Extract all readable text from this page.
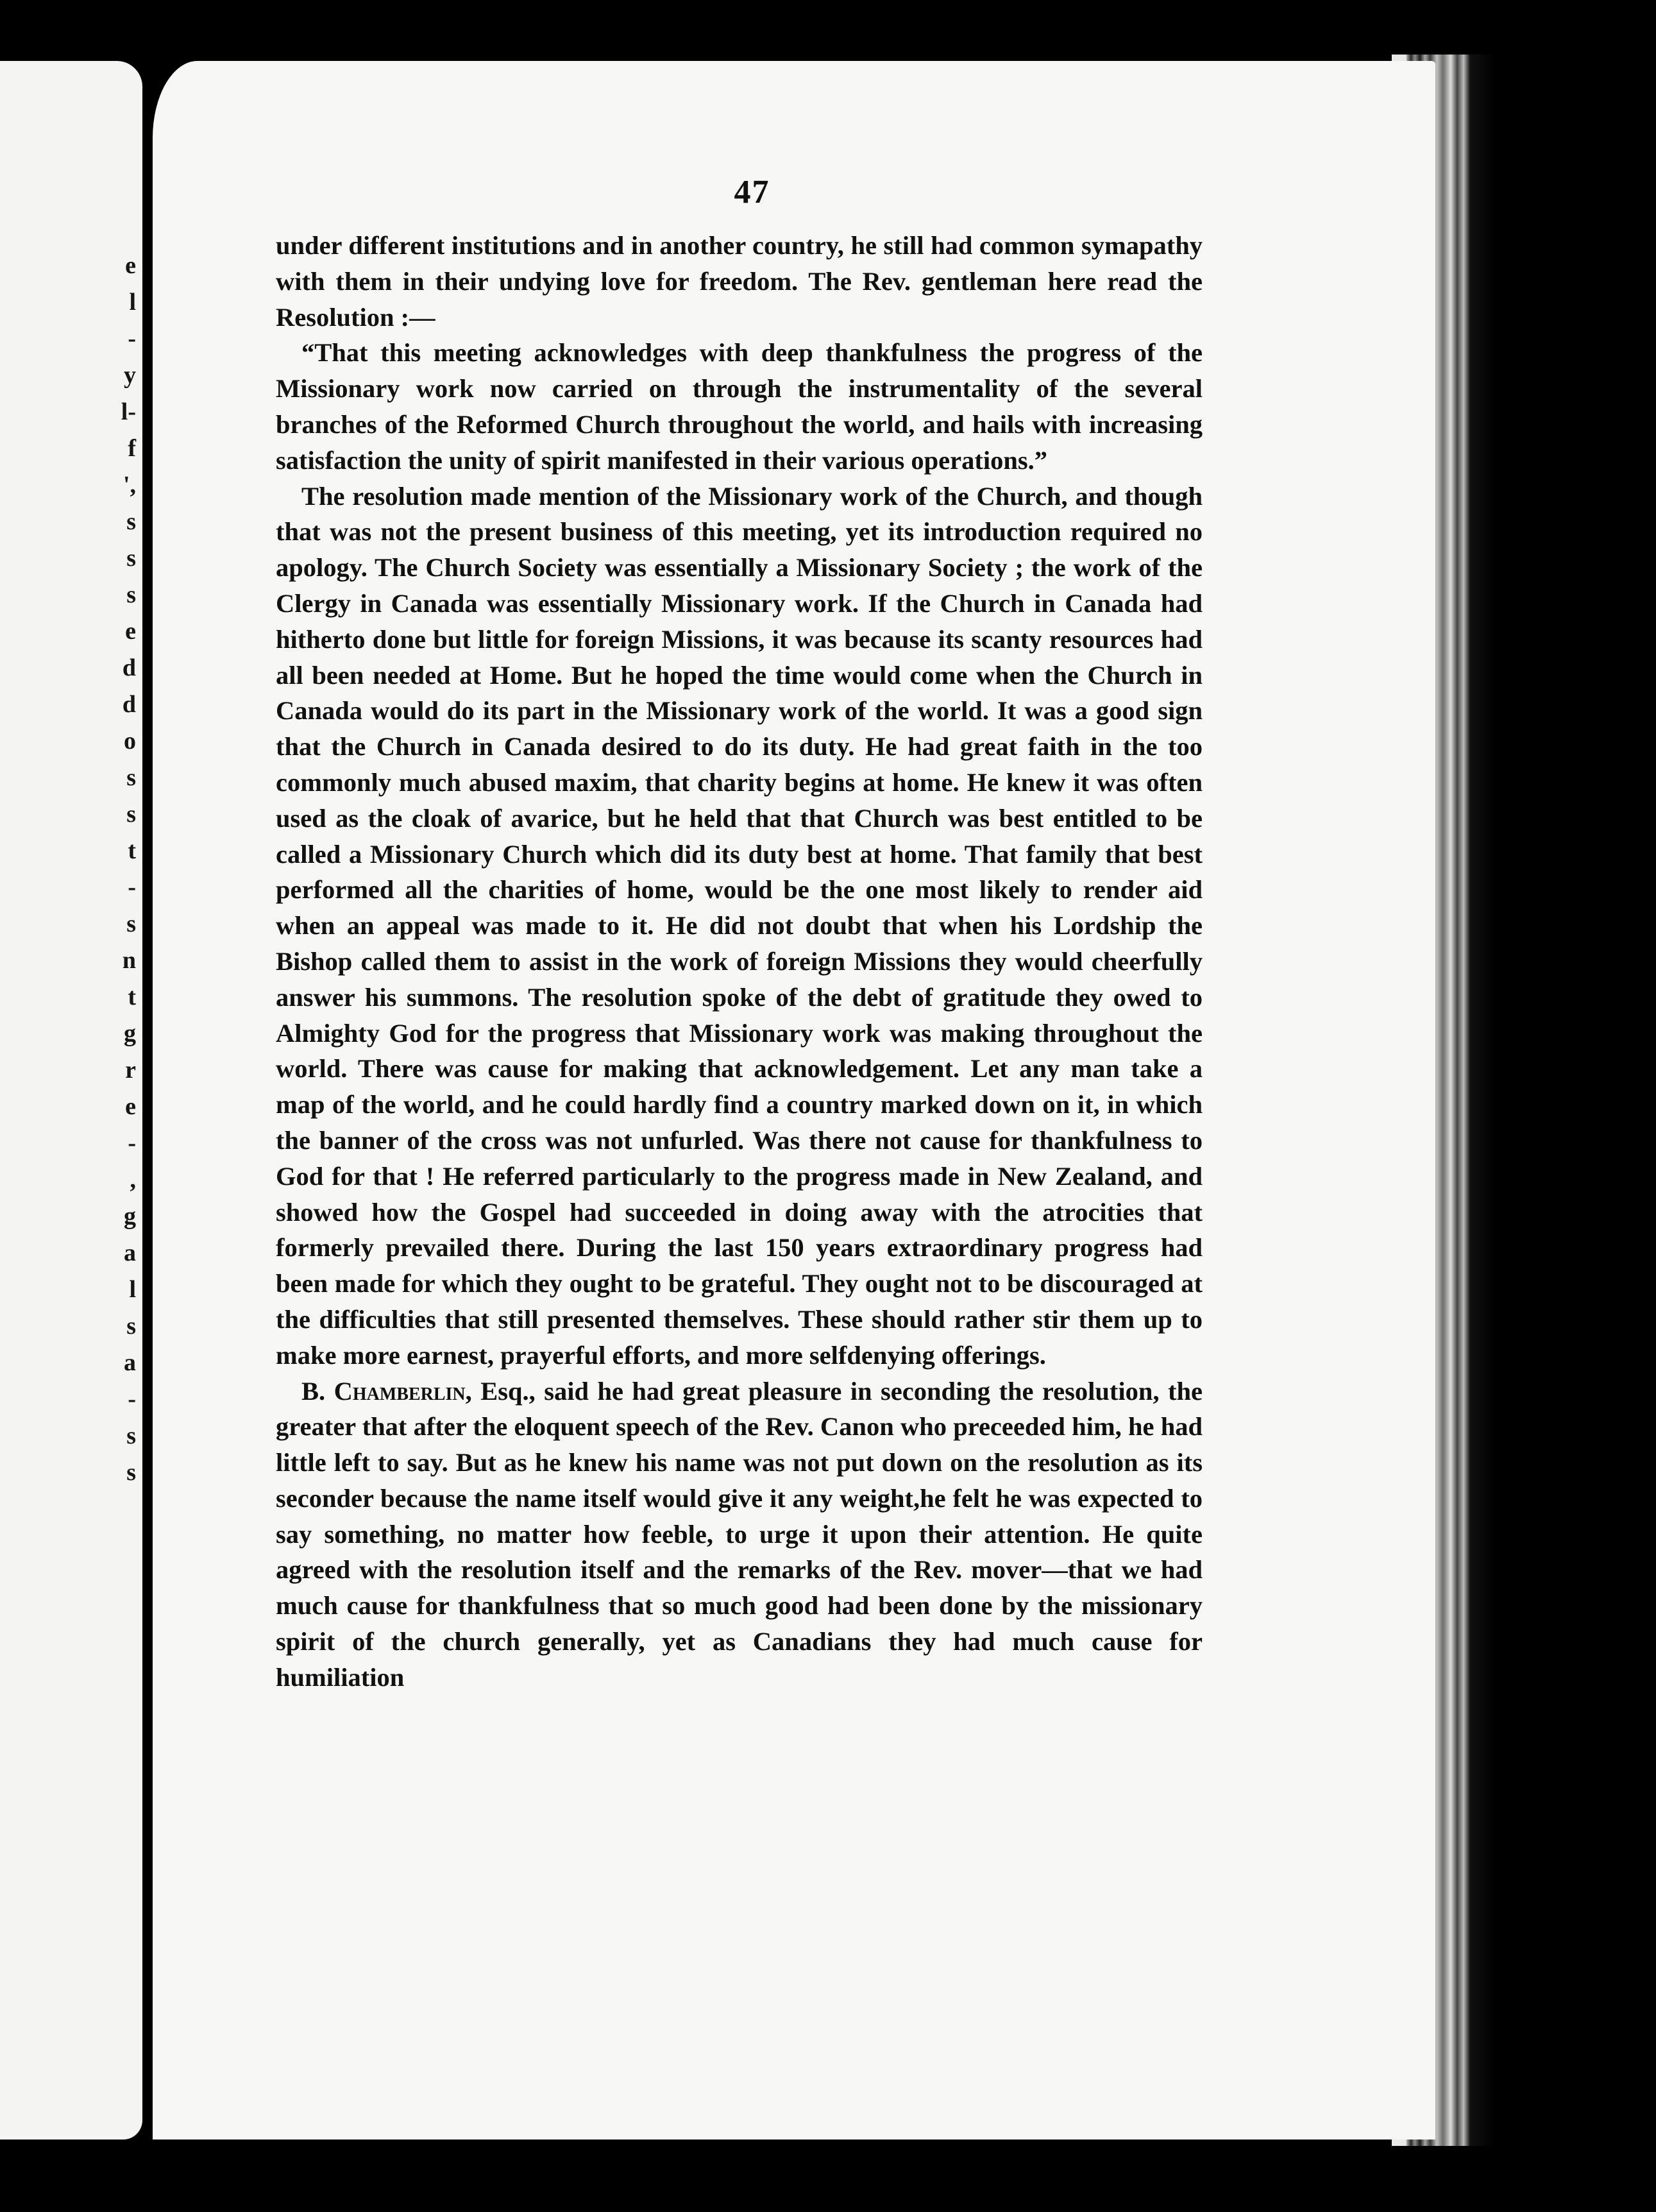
e
l
-
y
l-
f
',
s
s
s
e
d
d
o
s
s
t
-
s
n
t
g
r
e
-
,
g
a
l
s
a
-
s
s
47

under different institutions and in another country, he still had common symapathy with them in their undying love for freedom. The Rev. gentleman here read the Resolution :—

“That this meeting acknowledges with deep thankfulness the progress of the Missionary work now carried on through the instrumentality of the several branches of the Reformed Church throughout the world, and hails with increasing satisfaction the unity of spirit manifested in their various operations.”

The resolution made mention of the Missionary work of the Church, and though that was not the present business of this meeting, yet its introduction required no apology. The Church Society was essentially a Missionary Society ; the work of the Clergy in Canada was essentially Missionary work. If the Church in Canada had hitherto done but little for foreign Missions, it was because its scanty resources had all been needed at Home. But he hoped the time would come when the Church in Canada would do its part in the Missionary work of the world. It was a good sign that the Church in Canada desired to do its duty. He had great faith in the too commonly much abused maxim, that charity begins at home. He knew it was often used as the cloak of avarice, but he held that that Church was best entitled to be called a Missionary Church which did its duty best at home. That family that best performed all the charities of home, would be the one most likely to render aid when an appeal was made to it. He did not doubt that when his Lordship the Bishop called them to assist in the work of foreign Missions they would cheerfully answer his summons. The resolution spoke of the debt of gratitude they owed to Almighty God for the progress that Missionary work was making throughout the world. There was cause for making that acknowledgement. Let any man take a map of the world, and he could hardly find a country marked down on it, in which the banner of the cross was not unfurled. Was there not cause for thankfulness to God for that ! He referred particularly to the progress made in New Zealand, and showed how the Gospel had succeeded in doing away with the atrocities that formerly prevailed there. During the last 150 years extraordinary progress had been made for which they ought to be grateful. They ought not to be discouraged at the difficulties that still presented themselves. These should rather stir them up to make more earnest, prayerful efforts, and more selfdenying offerings.

B. Chamberlin, Esq., said he had great pleasure in seconding the resolution, the greater that after the eloquent speech of the Rev. Canon who preceeded him, he had little left to say. But as he knew his name was not put down on the resolution as its seconder because the name itself would give it any weight,he felt he was expected to say something, no matter how feeble, to urge it upon their attention. He quite agreed with the resolution itself and the remarks of the Rev. mover—that we had much cause for thankfulness that so much good had been done by the missionary spirit of the church generally, yet as Canadians they had much cause for humiliation
